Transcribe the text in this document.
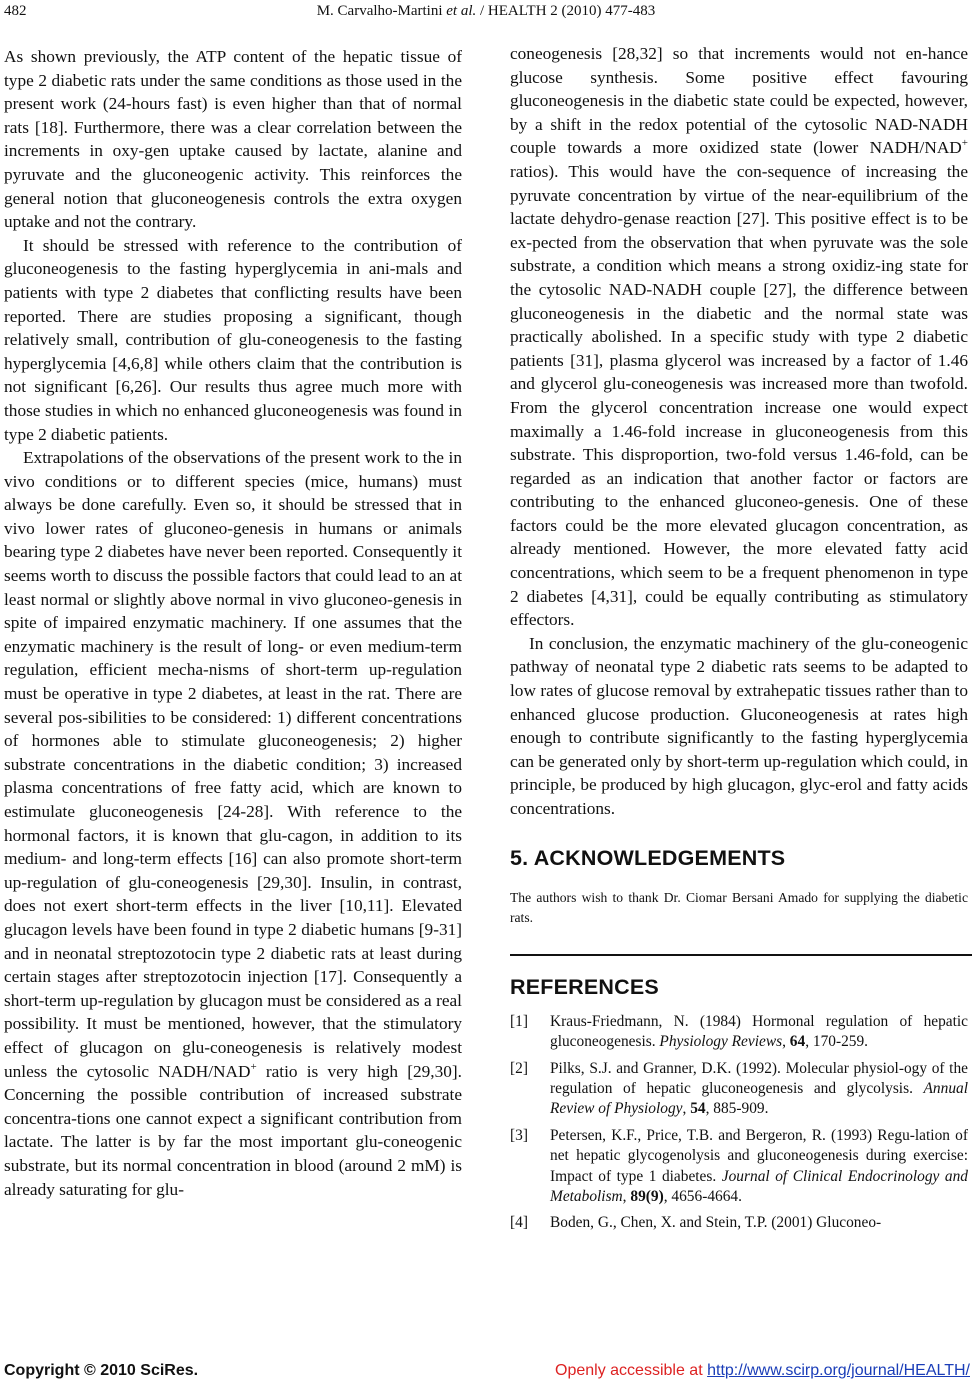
482	M. Carvalho-Martini et al. / HEALTH 2 (2010) 477-483

As shown previously, the ATP content of the hepatic tissue of type 2 diabetic rats under the same conditions as those used in the present work (24-hours fast) is even higher than that of normal rats [18]. Furthermore, there was a clear correlation between the increments in oxy-gen uptake caused by lactate, alanine and pyruvate and the gluconeogenic activity. This reinforces the general notion that gluconeogenesis controls the extra oxygen uptake and not the contrary.

It should be stressed with reference to the contribution of gluconeogenesis to the fasting hyperglycemia in ani-mals and patients with type 2 diabetes that conflicting results have been reported. There are studies proposing a significant, though relatively small, contribution of glu-coneogenesis to the fasting hyperglycemia [4,6,8] while others claim that the contribution is not significant [6,26]. Our results thus agree much more with those studies in which no enhanced gluconeogenesis was found in type 2 diabetic patients.

Extrapolations of the observations of the present work to the in vivo conditions or to different species (mice, humans) must always be done carefully. Even so, it should be stressed that in vivo lower rates of gluconeo-genesis in humans or animals bearing type 2 diabetes have never been reported. Consequently it seems worth to discuss the possible factors that could lead to an at least normal or slightly above normal in vivo gluconeo-genesis in spite of impaired enzymatic machinery. If one assumes that the enzymatic machinery is the result of long- or even medium-term regulation, efficient mecha-nisms of short-term up-regulation must be operative in type 2 diabetes, at least in the rat. There are several pos-sibilities to be considered: 1) different concentrations of hormones able to stimulate gluconeogenesis; 2) higher substrate concentrations in the diabetic condition; 3) increased plasma concentrations of free fatty acid, which are known to estimulate gluconeogenesis [24-28]. With reference to the hormonal factors, it is known that glu-cagon, in addition to its medium- and long-term effects [16] can also promote short-term up-regulation of glu-coneogenesis [29,30]. Insulin, in contrast, does not exert short-term effects in the liver [10,11]. Elevated glucagon levels have been found in type 2 diabetic humans [9-31] and in neonatal streptozotocin type 2 diabetic rats at least during certain stages after streptozotocin injection [17]. Consequently a short-term up-regulation by glucagon must be considered as a real possibility. It must be mentioned, however, that the stimulatory effect of glucagon on glu-coneogenesis is relatively modest unless the cytosolic NADH/NAD+ ratio is very high [29,30]. Concerning the possible contribution of increased substrate concentra-tions one cannot expect a significant contribution from lactate. The latter is by far the most important glu-coneogenic substrate, but its normal concentration in blood (around 2 mM) is already saturating for glu-

coneogenesis [28,32] so that increments would not en-hance glucose synthesis. Some positive effect favouring gluconeogenesis in the diabetic state could be expected, however, by a shift in the redox potential of the cytosolic NAD-NADH couple towards a more oxidized state (lower NADH/NAD+ ratios). This would have the con-sequence of increasing the pyruvate concentration by virtue of the near-equilibrium of the lactate dehydro-genase reaction [27]. This positive effect is to be ex-pected from the observation that when pyruvate was the sole substrate, a condition which means a strong oxidiz-ing state for the cytosolic NAD-NADH couple [27], the difference between gluconeogenesis in the diabetic and the normal state was practically abolished. In a specific study with type 2 diabetic patients [31], plasma glycerol was increased by a factor of 1.46 and glycerol glu-coneogenesis was increased more than twofold. From the glycerol concentration increase one would expect maximally a 1.46-fold increase in gluconeogenesis from this substrate. This disproportion, two-fold versus 1.46-fold, can be regarded as an indication that another factor or factors are contributing to the enhanced gluconeo-genesis. One of these factors could be the more elevated glucagon concentration, as already mentioned. However, the more elevated fatty acid concentrations, which seem to be a frequent phenomenon in type 2 diabetes [4,31], could be equally contributing as stimulatory effectors.

In conclusion, the enzymatic machinery of the glu-coneogenic pathway of neonatal type 2 diabetic rats seems to be adapted to low rates of glucose removal by extrahepatic tissues rather than to enhanced glucose production. Gluconeogenesis at rates high enough to contribute significantly to the fasting hyperglycemia can be generated only by short-term up-regulation which could, in principle, be produced by high glucagon, glyc-erol and fatty acids concentrations.

5. ACKNOWLEDGEMENTS
The authors wish to thank Dr. Ciomar Bersani Amado for supplying the diabetic rats.
REFERENCES
[1]	Kraus-Friedmann, N. (1984) Hormonal regulation of hepatic gluconeogenesis. Physiology Reviews, 64, 170-259.
[2]	Pilks, S.J. and Granner, D.K. (1992). Molecular physiol-ogy of the regulation of hepatic gluconeogenesis and glycolysis. Annual Review of Physiology, 54, 885-909.
[3]	Petersen, K.F., Price, T.B. and Bergeron, R. (1993) Regu-lation of net hepatic glycogenolysis and gluconeogenesis during exercise: Impact of type 1 diabetes. Journal of Clinical Endocrinology and Metabolism, 89(9), 4656-4664.
[4]	Boden, G., Chen, X. and Stein, T.P. (2001) Gluconeo-
Copyright © 2010 SciRes.	Openly accessible at http://www.scirp.org/journal/HEALTH/
